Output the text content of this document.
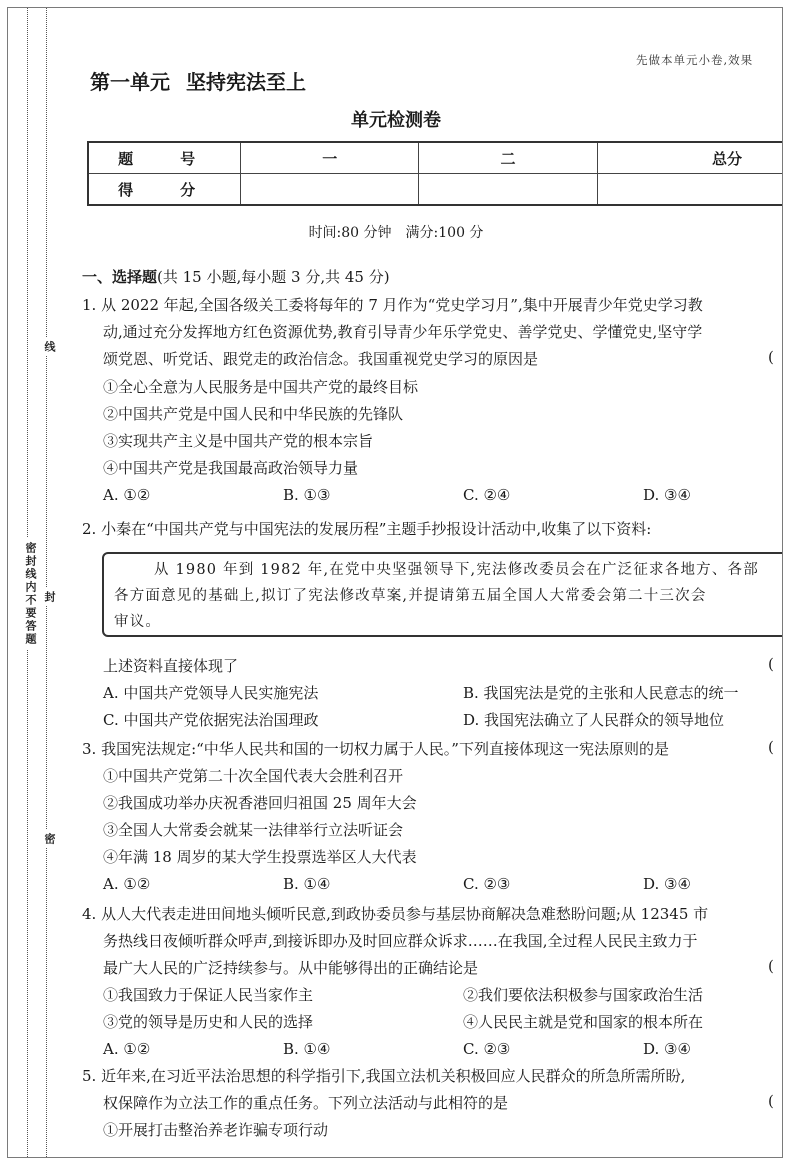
密封线内不要答题
线
封
密
先做本单元小卷,效果
第一单元 坚持宪法至上
单元检测卷
题　号	一	二	总分
得　分			
时间:80 分钟　满分:100 分
一、选择题(共 15 小题,每小题 3 分,共 45 分)
1. 从 2022 年起,全国各级关工委将每年的 7 月作为“党史学习月”,集中开展青少年党史学习教
动,通过充分发挥地方红色资源优势,教育引导青少年乐学党史、善学党史、学懂党史,坚守学
颂党恩、听党话、跟党走的政治信念。我国重视党史学习的原因是	(
①全心全意为人民服务是中国共产党的最终目标
②中国共产党是中国人民和中华民族的先锋队
③实现共产主义是中国共产党的根本宗旨
④中国共产党是我国最高政治领导力量
A. ①②	B. ①③	C. ②④	D. ③④
2. 小秦在“中国共产党与中国宪法的发展历程”主题手抄报设计活动中,收集了以下资料:
从 1980 年到 1982 年,在党中央坚强领导下,宪法修改委员会在广泛征求各地方、各部
各方面意见的基础上,拟订了宪法修改草案,并提请第五届全国人大常委会第二十三次会
审议。
上述资料直接体现了	(
A. 中国共产党领导人民实施宪法	B. 我国宪法是党的主张和人民意志的统一
C. 中国共产党依据宪法治国理政	D. 我国宪法确立了人民群众的领导地位
3. 我国宪法规定:“中华人民共和国的一切权力属于人民。”下列直接体现这一宪法原则的是	(
①中国共产党第二十次全国代表大会胜利召开
②我国成功举办庆祝香港回归祖国 25 周年大会
③全国人大常委会就某一法律举行立法听证会
④年满 18 周岁的某大学生投票选举区人大代表
A. ①②	B. ①④	C. ②③	D. ③④
4. 从人大代表走进田间地头倾听民意,到政协委员参与基层协商解决急难愁盼问题;从 12345 市
务热线日夜倾听群众呼声,到接诉即办及时回应群众诉求……在我国,全过程人民民主致力于
最广大人民的广泛持续参与。从中能够得出的正确结论是	(
①我国致力于保证人民当家作主	②我们要依法积极参与国家政治生活
③党的领导是历史和人民的选择	④人民民主就是党和国家的根本所在
A. ①②	B. ①④	C. ②③	D. ③④
5. 近年来,在习近平法治思想的科学指引下,我国立法机关积极回应人民群众的所急所需所盼,
权保障作为立法工作的重点任务。下列立法活动与此相符的是	(
①开展打击整治养老诈骗专项行动
